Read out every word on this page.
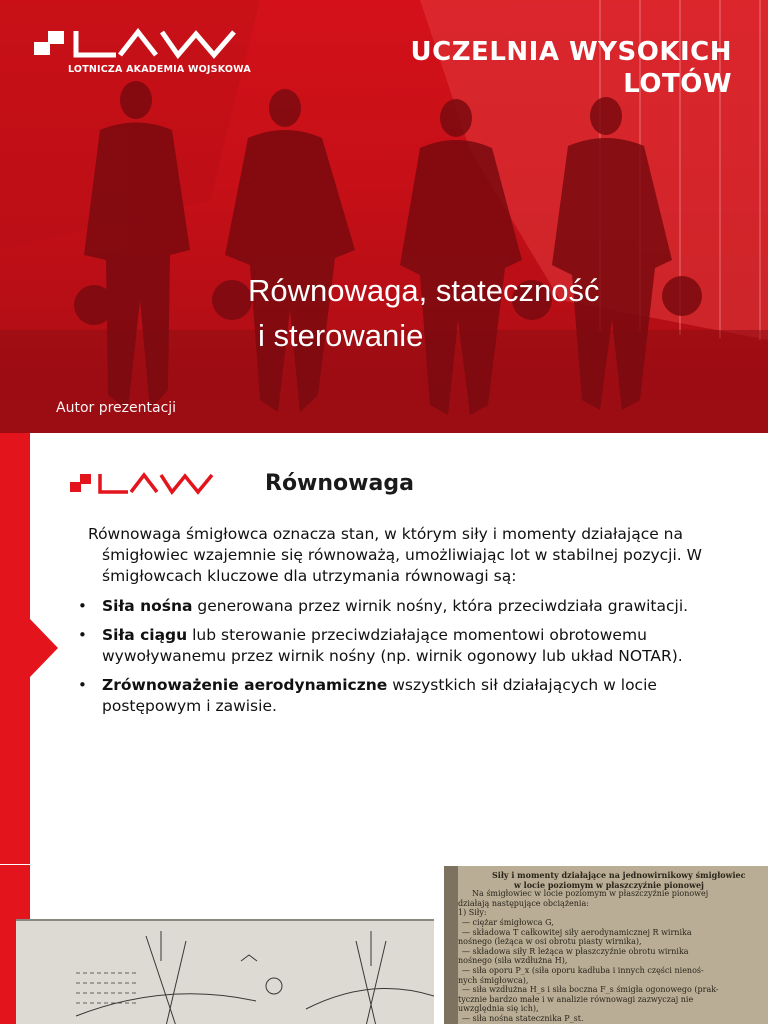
LOTNICZA AKADEMIA WOJSKOWA
UCZELNIA WYSOKICH
LOTÓW
Równowaga, stateczność
i sterowanie
Autor prezentacji
Równowaga

Równowaga śmigłowca oznacza stan, w którym siły i momenty działające na śmigłowiec wzajemnie się równoważą, umożliwiając lot w stabilnej pozycji. W śmigłowcach kluczowe dla utrzymania równowagi są:

• Siła nośna generowana przez wirnik nośny, która przeciwdziała grawitacji.
• Siła ciągu lub sterowanie przeciwdziałające momentowi obrotowemu wywoływanemu przez wirnik nośny (np. wirnik ogonowy lub układ NOTAR).
• Zrównoważenie aerodynamiczne wszystkich sił działających w locie postępowym i zawisie.
Siły i momenty działające na jednowirnikowy śmigłowiec
w locie poziomym w płaszczyźnie pionowej
Na śmigłowiec w locie poziomym w płaszczyźnie pionowej
działają następujące obciążenia:
1) Siły:
— ciężar śmigłowca G,
— składowa T całkowitej siły aerodynamicznej R wirnika
nośnego (leżąca w osi obrotu piasty wirnika),
— składowa siły R leżąca w płaszczyźnie obrotu wirnika
nośnego (siła wzdłużna H),
— siła oporu P_x (siła oporu kadłuba i innych części nienoś-
nych śmigłowca),
— siła wzdłużna H_s i siła boczna F_s śmigła ogonowego (prak-
tycznie bardzo małe i w analizie równowagi zazwyczaj nie
uwzględnia się ich),
— siła nośna statecznika P_st.
